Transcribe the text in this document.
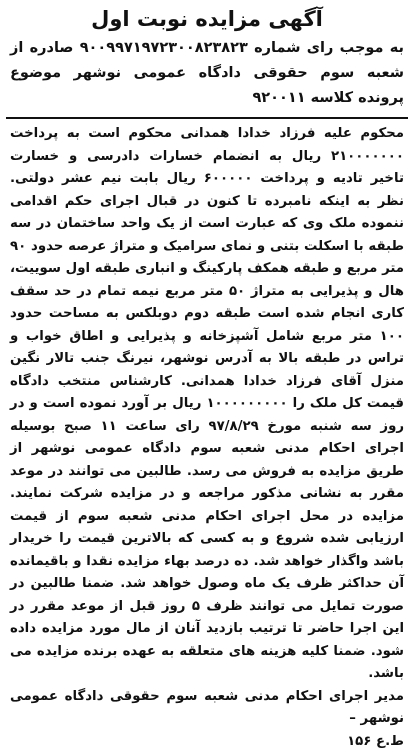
آگهی مزایده نوبت اول
به موجب رای شماره ۹۰۰۹۹۷۱۹۷۲۳۰۰۸۲۳۸۲۳ صادره از شعبه سوم حقوقی دادگاه عمومی نوشهر موضوع پرونده کلاسه ۹۲۰۰۱۱
محکوم علیه فرزاد خدادا همدانی محکوم است به پرداخت ۲۱۰۰۰۰۰۰۰ ریال به انضمام خسارات دادرسی و خسارت تاخیر تادیه و پرداخت ۶۰۰۰۰۰ ریال بابت نیم عشر دولتی. نظر به اینکه نامبرده تا کنون در قبال اجرای حکم اقدامی ننموده ملک وی که عبارت است از یک واحد ساختمان در سه طبقه با اسکلت بتنی و نمای سرامیک و متراژ عرصه حدود ۹۰ متر مربع و طبقه همکف پارکینگ و انباری طبقه اول سوییت، هال و پذیرایی به متراژ ۵۰ متر مربع نیمه تمام در حد سقف کاری انجام شده است طبقه دوم دوبلکس به مساحت حدود ۱۰۰ متر مربع شامل آشپزخانه و پذیرایی و اطاق خواب و تراس در طبقه بالا به آدرس نوشهر، نیرنگ جنب تالار نگین منزل آقای فرزاد خدادا همدانی. کارشناس منتخب دادگاه قیمت کل ملک را ۱۰۰۰۰۰۰۰۰۰ ریال بر آورد نموده است و در روز سه شنبه مورخ ۹۷/۸/۲۹ رای ساعت ۱۱ صبح بوسیله اجرای احکام مدنی شعبه سوم دادگاه عمومی نوشهر از طریق مزایده به فروش می رسد. طالبین می توانند در موعد مقرر به نشانی مذکور مراجعه و در مزایده شرکت نمایند. مزایده در محل اجرای احکام مدنی شعبه سوم از قیمت ارزیابی شده شروع و به کسی که بالاترین قیمت را خریدار باشد واگذار خواهد شد. ده درصد بهاء مزایده نقدا و باقیمانده آن حداکثر ظرف یک ماه وصول خواهد شد. ضمنا طالبین در صورت تمایل می توانند ظرف ۵ روز قبل از موعد مقرر در این اجرا حاضر تا ترتیب بازدید آنان از مال مورد مزایده داده شود. ضمنا کلیه هزینه های متعلقه به عهده برنده مزایده می باشد.
مدیر اجرای احکام مدنی شعبه سوم حقوقی دادگاه عمومی نوشهر –
ط.ع ۱۵۶
